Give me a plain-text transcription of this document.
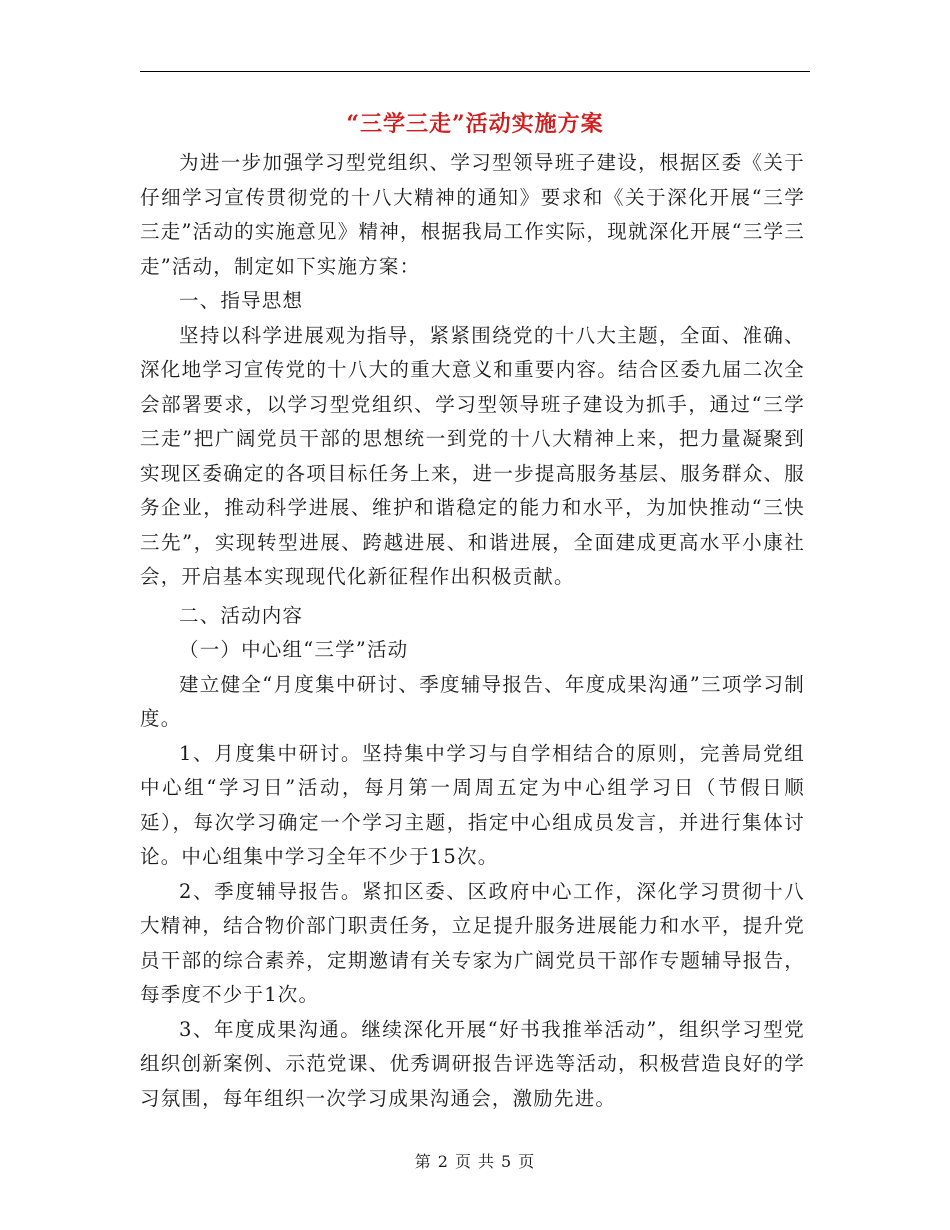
“三学三走”活动实施方案

为进一步加强学习型党组织、学习型领导班子建设，根据区委《关于仔细学习宣传贯彻党的十八大精神的通知》要求和《关于深化开展“三学三走”活动的实施意见》精神，根据我局工作实际，现就深化开展“三学三走”活动，制定如下实施方案：

一、指导思想

坚持以科学进展观为指导，紧紧围绕党的十八大主题，全面、准确、深化地学习宣传党的十八大的重大意义和重要内容。结合区委九届二次全会部署要求，以学习型党组织、学习型领导班子建设为抓手，通过“三学三走”把广阔党员干部的思想统一到党的十八大精神上来，把力量凝聚到实现区委确定的各项目标任务上来，进一步提高服务基层、服务群众、服务企业，推动科学进展、维护和谐稳定的能力和水平，为加快推动“三快三先”，实现转型进展、跨越进展、和谐进展，全面建成更高水平小康社会，开启基本实现现代化新征程作出积极贡献。

二、活动内容

（一）中心组“三学”活动

建立健全“月度集中研讨、季度辅导报告、年度成果沟通”三项学习制度。

1、月度集中研讨。坚持集中学习与自学相结合的原则，完善局党组中心组“学习日”活动，每月第一周周五定为中心组学习日（节假日顺延），每次学习确定一个学习主题，指定中心组成员发言，并进行集体讨论。中心组集中学习全年不少于15次。

2、季度辅导报告。紧扣区委、区政府中心工作，深化学习贯彻十八大精神，结合物价部门职责任务，立足提升服务进展能力和水平，提升党员干部的综合素养，定期邀请有关专家为广阔党员干部作专题辅导报告，每季度不少于1次。

3、年度成果沟通。继续深化开展“好书我推举活动”，组织学习型党组织创新案例、示范党课、优秀调研报告评选等活动，积极营造良好的学习氛围，每年组织一次学习成果沟通会，激励先进。

第 2 页 共 5 页
